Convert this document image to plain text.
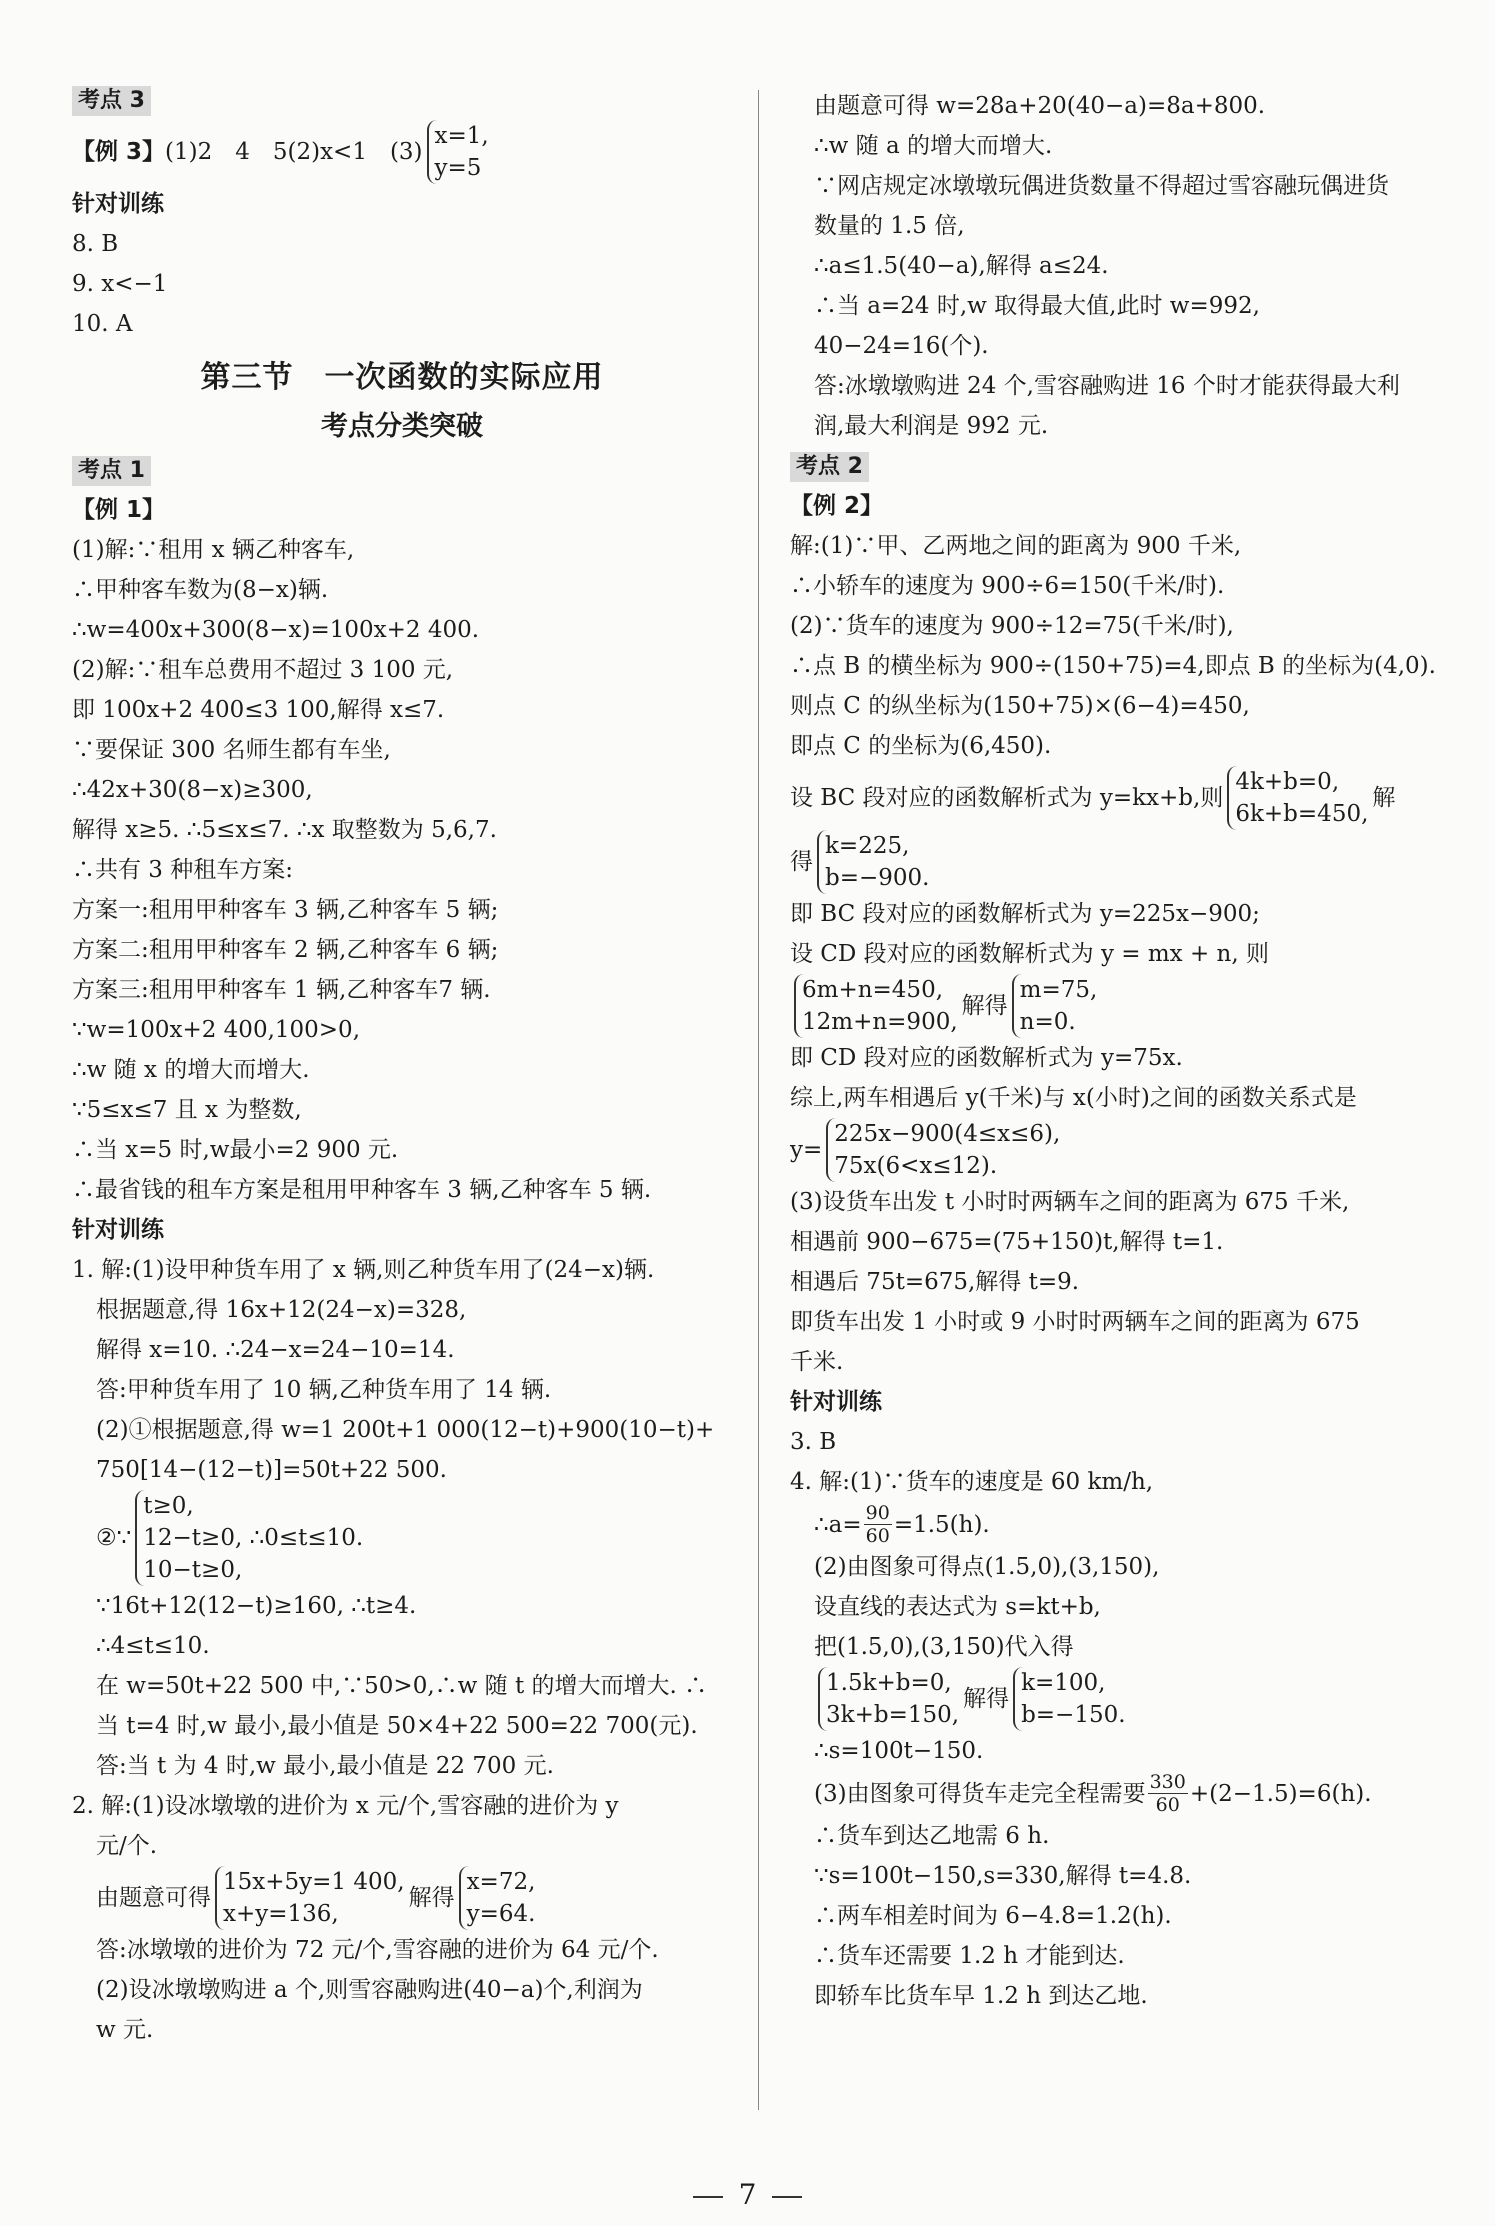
考点 3
【例 3】 (1)2　4　5(2)x<1　(3)
x=1,
y=5
针对训练
8. B
9. x<−1
10. A
第三节　一次函数的实际应用
考点分类突破
考点 1
【例 1】
(1)解:∵租用 x 辆乙种客车,
∴甲种客车数为(8−x)辆.
∴w=400x+300(8−x)=100x+2 400.
(2)解:∵租车总费用不超过 3 100 元,
即 100x+2 400≤3 100,解得 x≤7.
∵要保证 300 名师生都有车坐,
∴42x+30(8−x)≥300,
解得 x≥5. ∴5≤x≤7. ∴x 取整数为 5,6,7.
∴共有 3 种租车方案:
方案一:租用甲种客车 3 辆,乙种客车 5 辆;
方案二:租用甲种客车 2 辆,乙种客车 6 辆;
方案三:租用甲种客车 1 辆,乙种客车7 辆.
∵w=100x+2 400,100>0,
∴w 随 x 的增大而增大.
∵5≤x≤7 且 x 为整数,
∴当 x=5 时,w最小=2 900 元.
∴最省钱的租车方案是租用甲种客车 3 辆,乙种客车 5 辆.
针对训练
1. 解:(1)设甲种货车用了 x 辆,则乙种货车用了(24−x)辆.
根据题意,得 16x+12(24−x)=328,
解得 x=10. ∴24−x=24−10=14.
答:甲种货车用了 10 辆,乙种货车用了 14 辆.
(2)①根据题意,得 w=1 200t+1 000(12−t)+900(10−t)+
750[14−(12−t)]=50t+22 500.
②∵
t≥0,
12−t≥0, ∴0≤t≤10.
10−t≥0,
∵16t+12(12−t)≥160, ∴t≥4.
∴4≤t≤10.
在 w=50t+22 500 中,∵50>0,∴w 随 t 的增大而增大. ∴
当 t=4 时,w 最小,最小值是 50×4+22 500=22 700(元).
答:当 t 为 4 时,w 最小,最小值是 22 700 元.
2. 解:(1)设冰墩墩的进价为 x 元/个,雪容融的进价为 y
元/个.
由题意可得
15x+5y=1 400,
x+y=136,
解得
x=72,
y=64.
答:冰墩墩的进价为 72 元/个,雪容融的进价为 64 元/个.
(2)设冰墩墩购进 a 个,则雪容融购进(40−a)个,利润为
w 元.
由题意可得 w=28a+20(40−a)=8a+800.
∴w 随 a 的增大而增大.
∵网店规定冰墩墩玩偶进货数量不得超过雪容融玩偶进货
数量的 1.5 倍,
∴a≤1.5(40−a),解得 a≤24.
∴当 a=24 时,w 取得最大值,此时 w=992,
40−24=16(个).
答:冰墩墩购进 24 个,雪容融购进 16 个时才能获得最大利
润,最大利润是 992 元.
考点 2
【例 2】
解:(1)∵甲、乙两地之间的距离为 900 千米,
∴小轿车的速度为 900÷6=150(千米/时).
(2)∵货车的速度为 900÷12=75(千米/时),
∴点 B 的横坐标为 900÷(150+75)=4,即点 B 的坐标为(4,0).
则点 C 的纵坐标为(150+75)×(6−4)=450,
即点 C 的坐标为(6,450).
设 BC 段对应的函数解析式为 y=kx+b,则
4k+b=0,
6k+b=450,
解
得
k=225,
b=−900.
即 BC 段对应的函数解析式为 y=225x−900;
设 CD 段对应的函数解析式为 y = mx + n, 则
6m+n=450,
12m+n=900,
解得
m=75,
n=0.
即 CD 段对应的函数解析式为 y=75x.
综上,两车相遇后 y(千米)与 x(小时)之间的函数关系式是
y=
225x−900(4≤x≤6),
75x(6<x≤12).
(3)设货车出发 t 小时时两辆车之间的距离为 675 千米,
相遇前 900−675=(75+150)t,解得 t=1.
相遇后 75t=675,解得 t=9.
即货车出发 1 小时或 9 小时时两辆车之间的距离为 675
千米.
针对训练
3. B
4. 解:(1)∵货车的速度是 60 km/h,
∴a= $\frac{90}{60} =1.5(h)$.
(2)由图象可得点(1.5,0),(3,150),
设直线的表达式为 s=kt+b,
把(1.5,0),(3,150)代入得
1.5k+b=0,
3k+b=150,
解得
k=100,
b=−150.
∴s=100t−150.
(3)由图象可得货车走完全程需要 $\frac{330}{60} +(2-1.5)=6(h)$.
∴货车到达乙地需 6 h.
∵s=100t−150,s=330,解得 t=4.8.
∴两车相差时间为 6−4.8=1.2(h).
∴货车还需要 1.2 h 才能到达.
即轿车比货车早 1.2 h 到达乙地.
7
